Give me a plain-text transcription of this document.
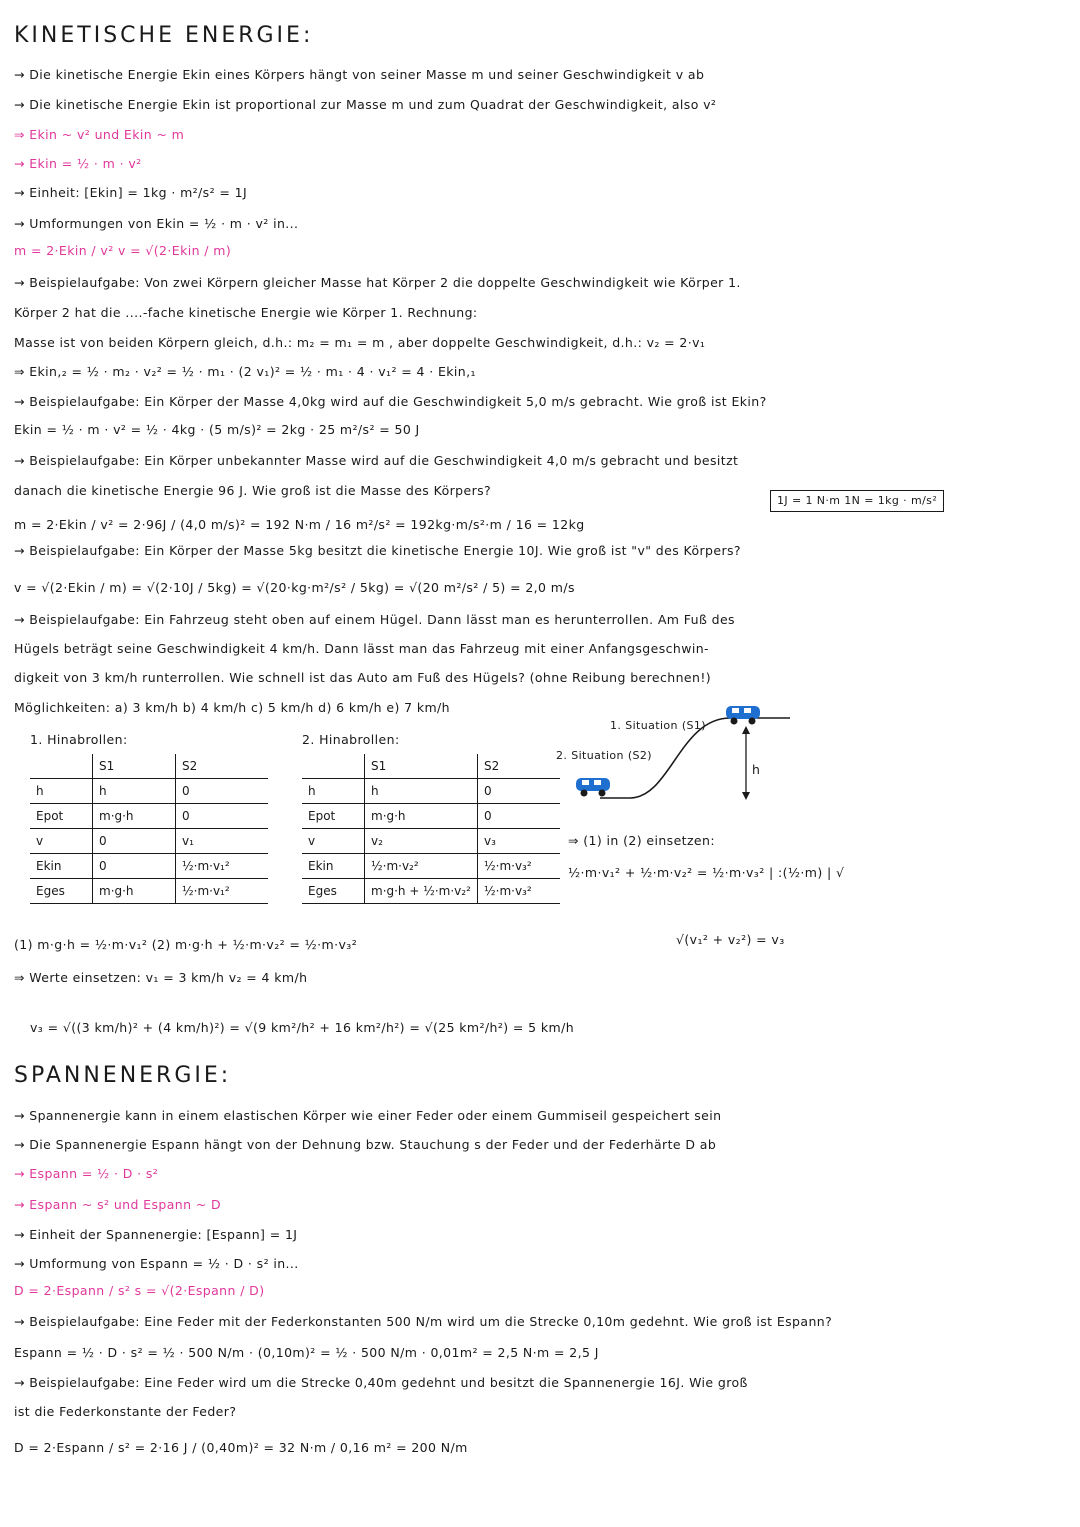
KINETISCHE ENERGIE:
→ Die kinetische Energie Ekin eines Körpers hängt von seiner Masse m und seiner Geschwindigkeit v ab
→ Die kinetische Energie Ekin ist proportional zur Masse m und zum Quadrat der Geschwindigkeit, also v²
⇒ Ekin ~ v² und Ekin ~ m
→ Ekin = ½ · m · v²
→ Einheit: [Ekin] = 1kg · m²/s² = 1J
→ Umformungen von Ekin = ½ · m · v² in...
m = 2·Ekin / v² v = √(2·Ekin / m)
→ Beispielaufgabe: Von zwei Körpern gleicher Masse hat Körper 2 die doppelte Geschwindigkeit wie Körper 1.
Körper 2 hat die ....-fache kinetische Energie wie Körper 1. Rechnung:
Masse ist von beiden Körpern gleich, d.h.: m₂ = m₁ = m , aber doppelte Geschwindigkeit, d.h.: v₂ = 2·v₁
⇒ Ekin,₂ = ½ · m₂ · v₂² = ½ · m₁ · (2 v₁)² = ½ · m₁ · 4 · v₁² = 4 · Ekin,₁
→ Beispielaufgabe: Ein Körper der Masse 4,0kg wird auf die Geschwindigkeit 5,0 m/s gebracht. Wie groß ist Ekin?
Ekin = ½ · m · v² = ½ · 4kg · (5 m/s)² = 2kg · 25 m²/s² = 50 J
→ Beispielaufgabe: Ein Körper unbekannter Masse wird auf die Geschwindigkeit 4,0 m/s gebracht und besitzt
danach die kinetische Energie 96 J. Wie groß ist die Masse des Körpers?
1J = 1 N·m 1N = 1kg · m/s²
m = 2·Ekin / v² = 2·96J / (4,0 m/s)² = 192 N·m / 16 m²/s² = 192kg·m/s²·m / 16 = 12kg
→ Beispielaufgabe: Ein Körper der Masse 5kg besitzt die kinetische Energie 10J. Wie groß ist "v" des Körpers?
v = √(2·Ekin / m) = √(2·10J / 5kg) = √(20·kg·m²/s² / 5kg) = √(20 m²/s² / 5) = 2,0 m/s
→ Beispielaufgabe: Ein Fahrzeug steht oben auf einem Hügel. Dann lässt man es herunterrollen. Am Fuß des
Hügels beträgt seine Geschwindigkeit 4 km/h. Dann lässt man das Fahrzeug mit einer Anfangsgeschwin-
digkeit von 3 km/h runterrollen. Wie schnell ist das Auto am Fuß des Hügels? (ohne Reibung berechnen!)
Möglichkeiten: a) 3 km/h b) 4 km/h c) 5 km/h d) 6 km/h e) 7 km/h
1. Hinabrollen:	2. Hinabrollen:
	S1	S2
h	h	0
Epot	m·g·h	0
v	0	v₁
Ekin	0	½·m·v₁²
Eges	m·g·h	½·m·v₁²
	S1	S2
h	h	0
Epot	m·g·h	0
v	v₂	v₃
Ekin	½·m·v₂²	½·m·v₃²
Eges	m·g·h + ½·m·v₂²	½·m·v₃²
1. Situation (S1)
2. Situation (S2)
h
⇒ (1) in (2) einsetzen:
½·m·v₁² + ½·m·v₂² = ½·m·v₃² | :(½·m) | √
√(v₁² + v₂²) = v₃
(1) m·g·h = ½·m·v₁² (2) m·g·h + ½·m·v₂² = ½·m·v₃²
⇒ Werte einsetzen: v₁ = 3 km/h v₂ = 4 km/h
v₃ = √((3 km/h)² + (4 km/h)²) = √(9 km²/h² + 16 km²/h²) = √(25 km²/h²) = 5 km/h
SPANNENERGIE:
→ Spannenergie kann in einem elastischen Körper wie einer Feder oder einem Gummiseil gespeichert sein
→ Die Spannenergie Espann hängt von der Dehnung bzw. Stauchung s der Feder und der Federhärte D ab
→ Espann = ½ · D · s²
→ Espann ~ s² und Espann ~ D
→ Einheit der Spannenergie: [Espann] = 1J
→ Umformung von Espann = ½ · D · s² in...
D = 2·Espann / s² s = √(2·Espann / D)
→ Beispielaufgabe: Eine Feder mit der Federkonstanten 500 N/m wird um die Strecke 0,10m gedehnt. Wie groß ist Espann?
Espann = ½ · D · s² = ½ · 500 N/m · (0,10m)² = ½ · 500 N/m · 0,01m² = 2,5 N·m = 2,5 J
→ Beispielaufgabe: Eine Feder wird um die Strecke 0,40m gedehnt und besitzt die Spannenergie 16J. Wie groß
ist die Federkonstante der Feder?
D = 2·Espann / s² = 2·16 J / (0,40m)² = 32 N·m / 0,16 m² = 200 N/m
